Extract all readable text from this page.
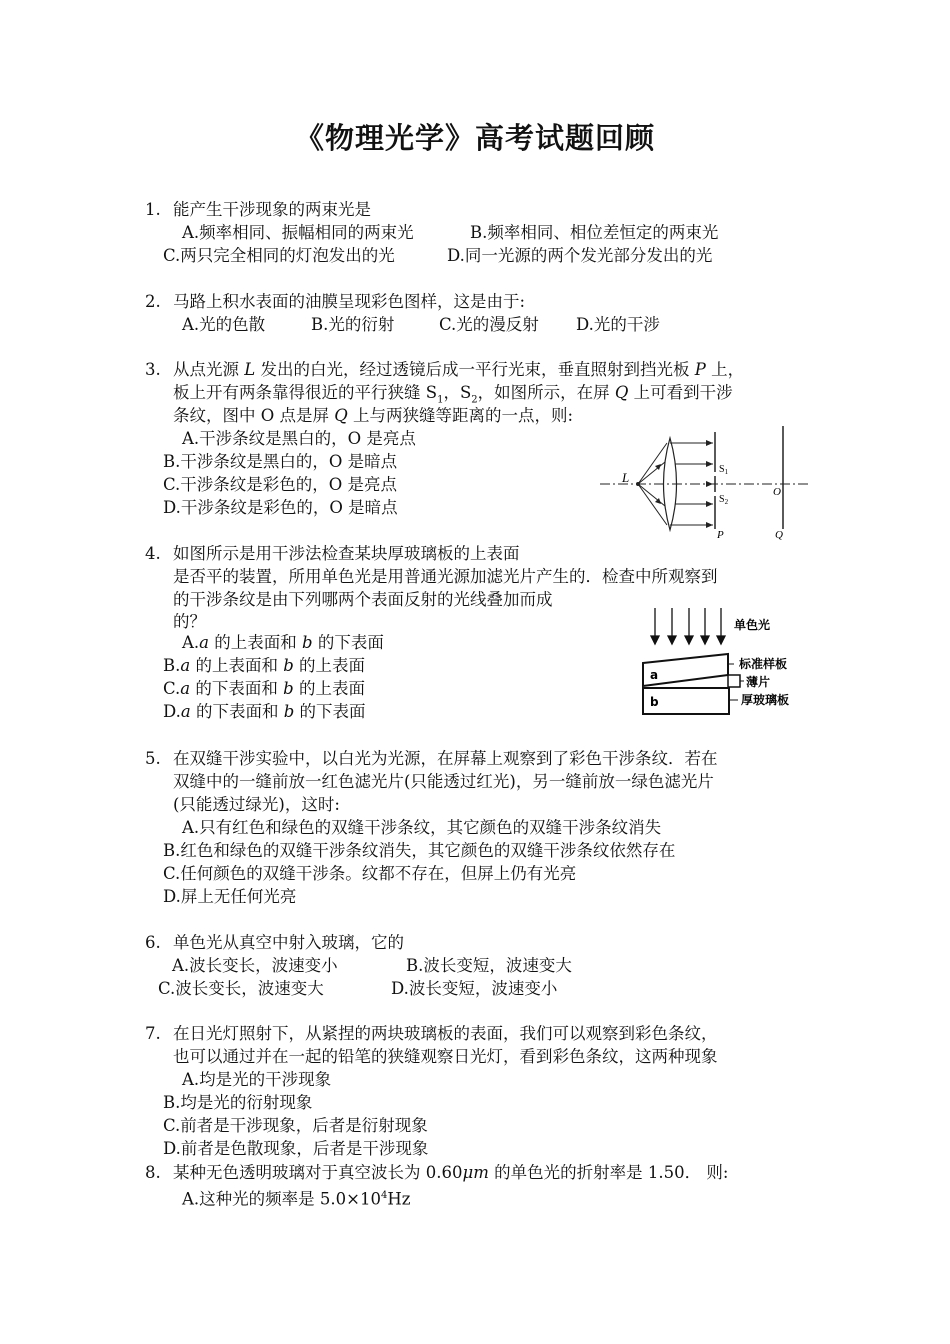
《物理光学》高考试题回顾
1. 能产生干涉现象的两束光是
A.频率相同、振幅相同的两束光	B.频率相同、相位差恒定的两束光
C.两只完全相同的灯泡发出的光	D.同一光源的两个发光部分发出的光
2. 马路上积水表面的油膜呈现彩色图样，这是由于:
A.光的色散	B.光的衍射	C.光的漫反射 D.光的干涉
3. 从点光源 L 发出的白光，经过透镜后成一平行光束，垂直照射到挡光板 P 上，
板上开有两条靠得很近的平行狭缝 $S_1$，$S_2$，如图所示，在屏 Q 上可看到干涉
条纹，图中 O 点是屏 Q 上与两狭缝等距离的一点，则:
A.干涉条纹是黑白的，O 是亮点
B.干涉条纹是黑白的，O 是暗点
C.干涉条纹是彩色的，O 是亮点
D.干涉条纹是彩色的，O 是暗点
L
$S_1$
$S_2$
O
P	Q
4. 如图所示是用干涉法检查某块厚玻璃板的上表面
是否平的装置，所用单色光是用普通光源加滤光片产生的．检查中所观察到
的干涉条纹是由下列哪两个表面反射的光线叠加而成
的？
A.a 的上表面和 b 的下表面
B.a 的上表面和 b 的上表面
C.a 的下表面和 b 的上表面
D.a 的下表面和 b 的下表面
单色光
标准样板
薄片
厚玻璃板
a
b
5. 在双缝干涉实验中，以白光为光源，在屏幕上观察到了彩色干涉条纹．若在
双缝中的一缝前放一红色滤光片(只能透过红光)，另一缝前放一绿色滤光片
(只能透过绿光)，这时:
A.只有红色和绿色的双缝干涉条纹，其它颜色的双缝干涉条纹消失
B.红色和绿色的双缝干涉条纹消失，其它颜色的双缝干涉条纹依然存在
C.任何颜色的双缝干涉条。纹都不存在，但屏上仍有光亮
D.屏上无任何光亮
6. 单色光从真空中射入玻璃，它的
A.波长变长，波速变小	B.波长变短，波速变大
C.波长变长，波速变大	D.波长变短，波速变小
7. 在日光灯照射下，从紧捏的两块玻璃板的表面，我们可以观察到彩色条纹，
也可以通过并在一起的铅笔的狭缝观察日光灯，看到彩色条纹，这两种现象
A.均是光的干涉现象
B.均是光的衍射现象
C.前者是干涉现象，后者是衍射现象
D.前者是色散现象，后者是干涉现象
8. 某种无色透明玻璃对于真空波长为 0.60μm 的单色光的折射率是 1.50． 则:
A.这种光的频率是 $5.0\times 10^4Hz$
